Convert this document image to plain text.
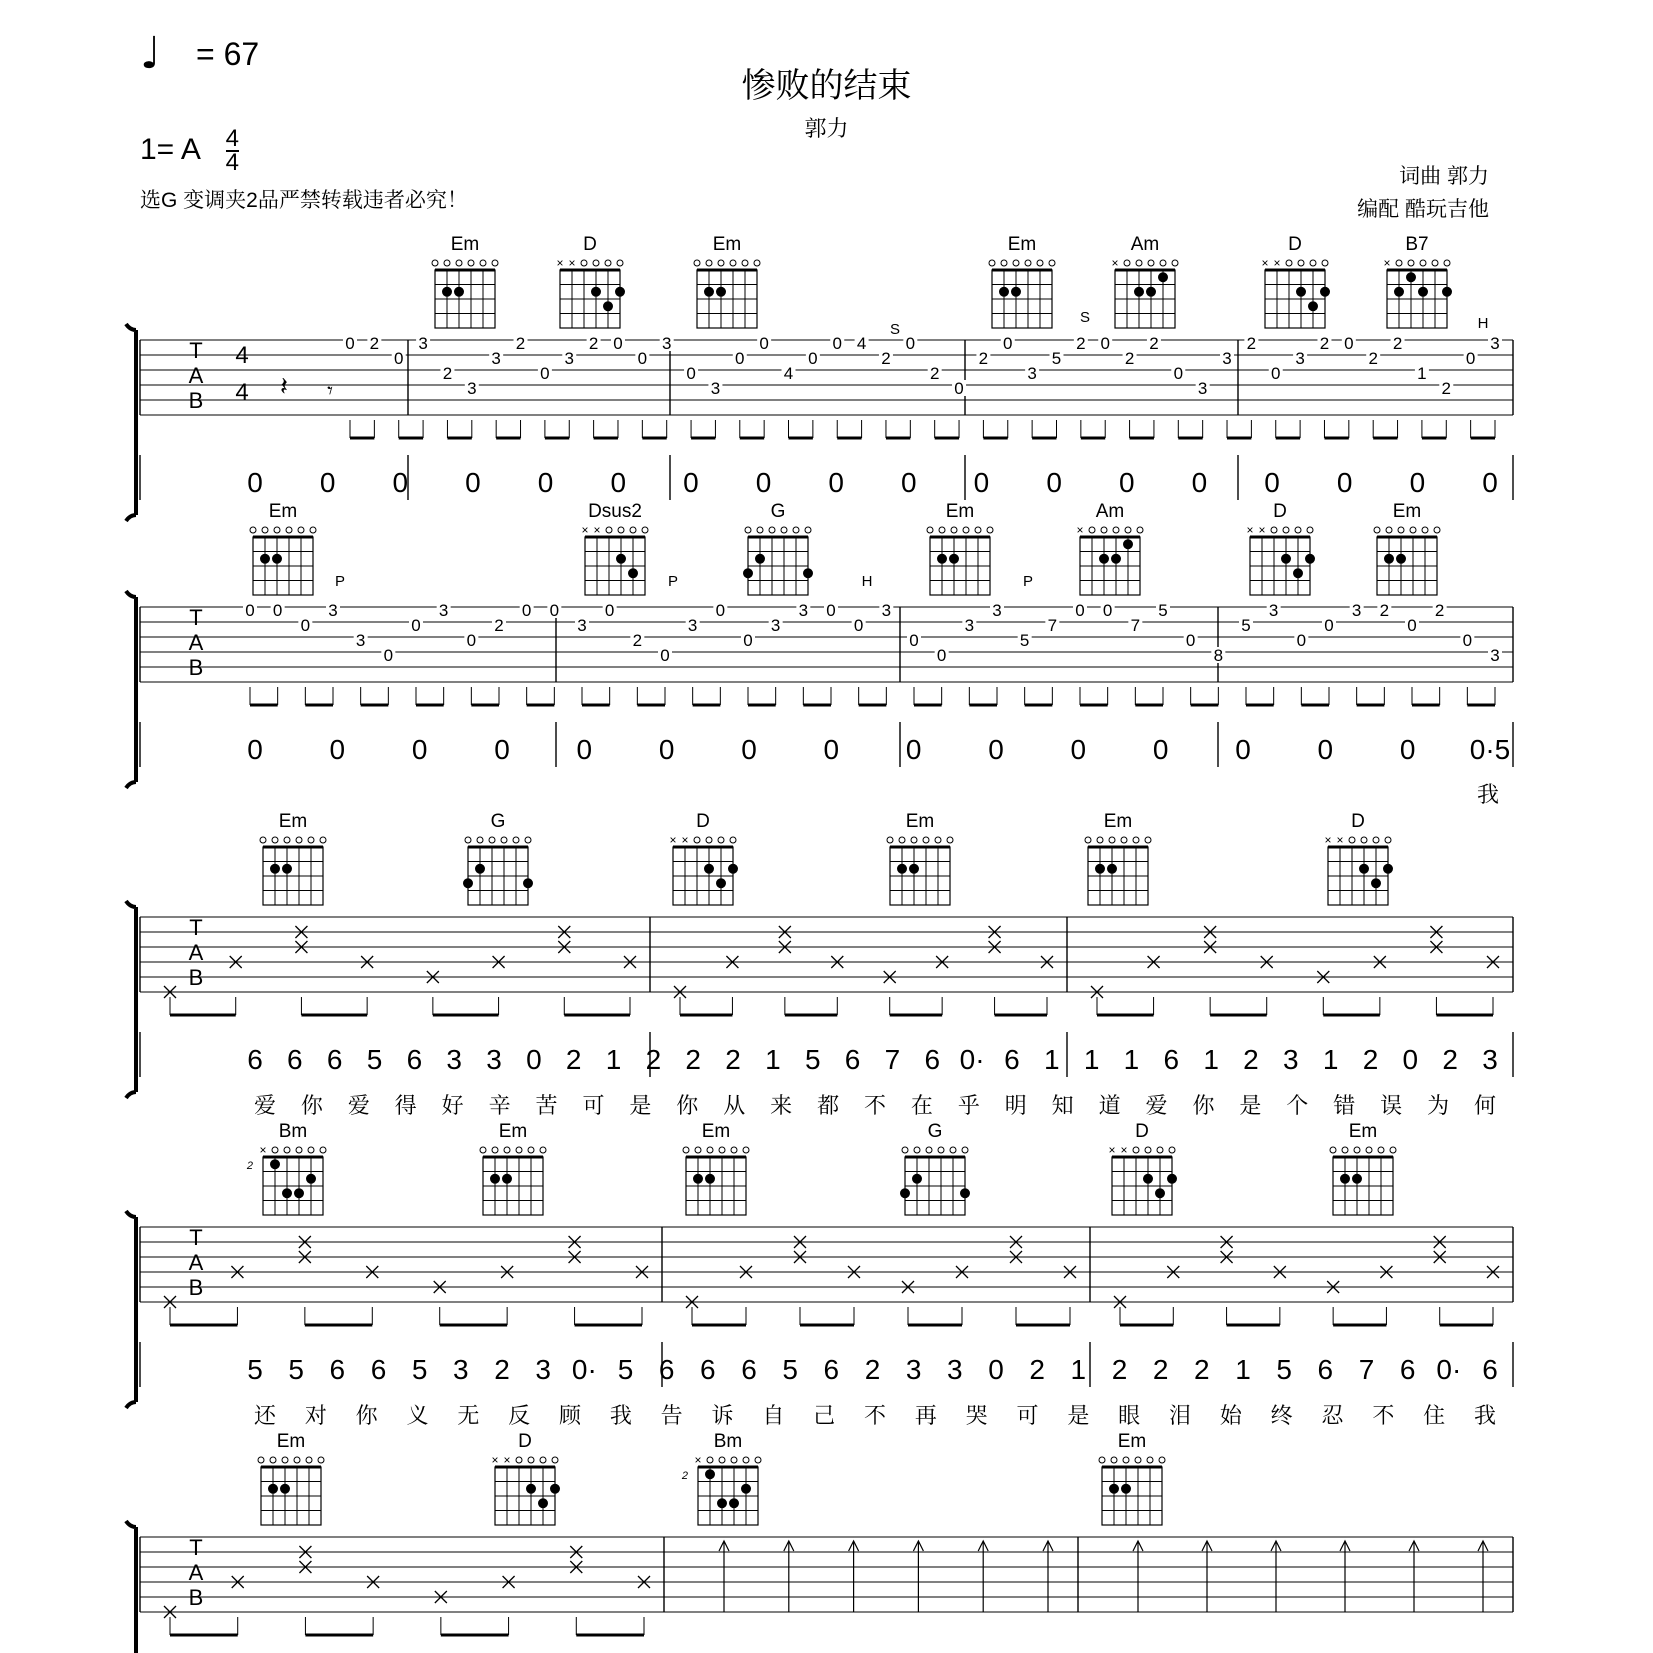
T
A
B
Em	D
× ×
Em	Em	Am
×
D
× ×
B7
×
T
A
B
Em	Dsus2
× ×
G	Em	Am
×
D
× ×
Em
T
A
B
Em	G	D
× ×
Em	Em	D
× ×
T
A
B
Bm
×
2
Em	Em	G	D
× ×
Em
T
A
B
Em	D
× ×
Bm
×
2
Em
4
4 𝄽 𝄾
0 2
0
3
2
3
3
2
0
3
2 0
0
3
0
3
0
0
4
0
0 4
2
0
2
0
2
0
3
5
2 0
2
2
0
3
3
2
0
3
2 0
2
2
1
2
0
3
S
S	H
0 0
0
3
3
0
0
3
0
2
0 0
3
0
2
0
3
0
0
3
3 0
0
3
0
0
3
3
5
7
0 0
7
5
0
8
5
3
0
0
3 2
0
2
0
3
P	P	H	P
0 0 0 0 0 0 0 0 0 0 0 0 0 0 0 0 0 0
0 0 0 0 0 0 0 0 0 0 0 0 0 0 0 0·5
我
6 6 6 5 6 3 3 0 2 1 2 2 2 1 5 6 7 6 0· 6 1 1 1 6 1 2 3 1 2 0 2 3
爱 你 爱 得 好 辛 苦 可 是 你 从 来 都 不 在 乎 明 知 道 爱 你 是 个 错 误 为 何
5 5 6 6 5 3 2 3 0· 5 6 6 6 5 6 2 3 3 0 2 1 2 2 2 1 5 6 7 6 0· 6
还 对 你 义 无 反 顾 我 告 诉 自 己 不 再 哭 可 是 眼 泪 始 终 忍 不 住 我
♩ = 67
惨败的结束
郭力
1= A $\frac{4}{4}$
选G 变调夹2品严禁转载违者必究！
词曲 郭力
编配 酷玩吉他
